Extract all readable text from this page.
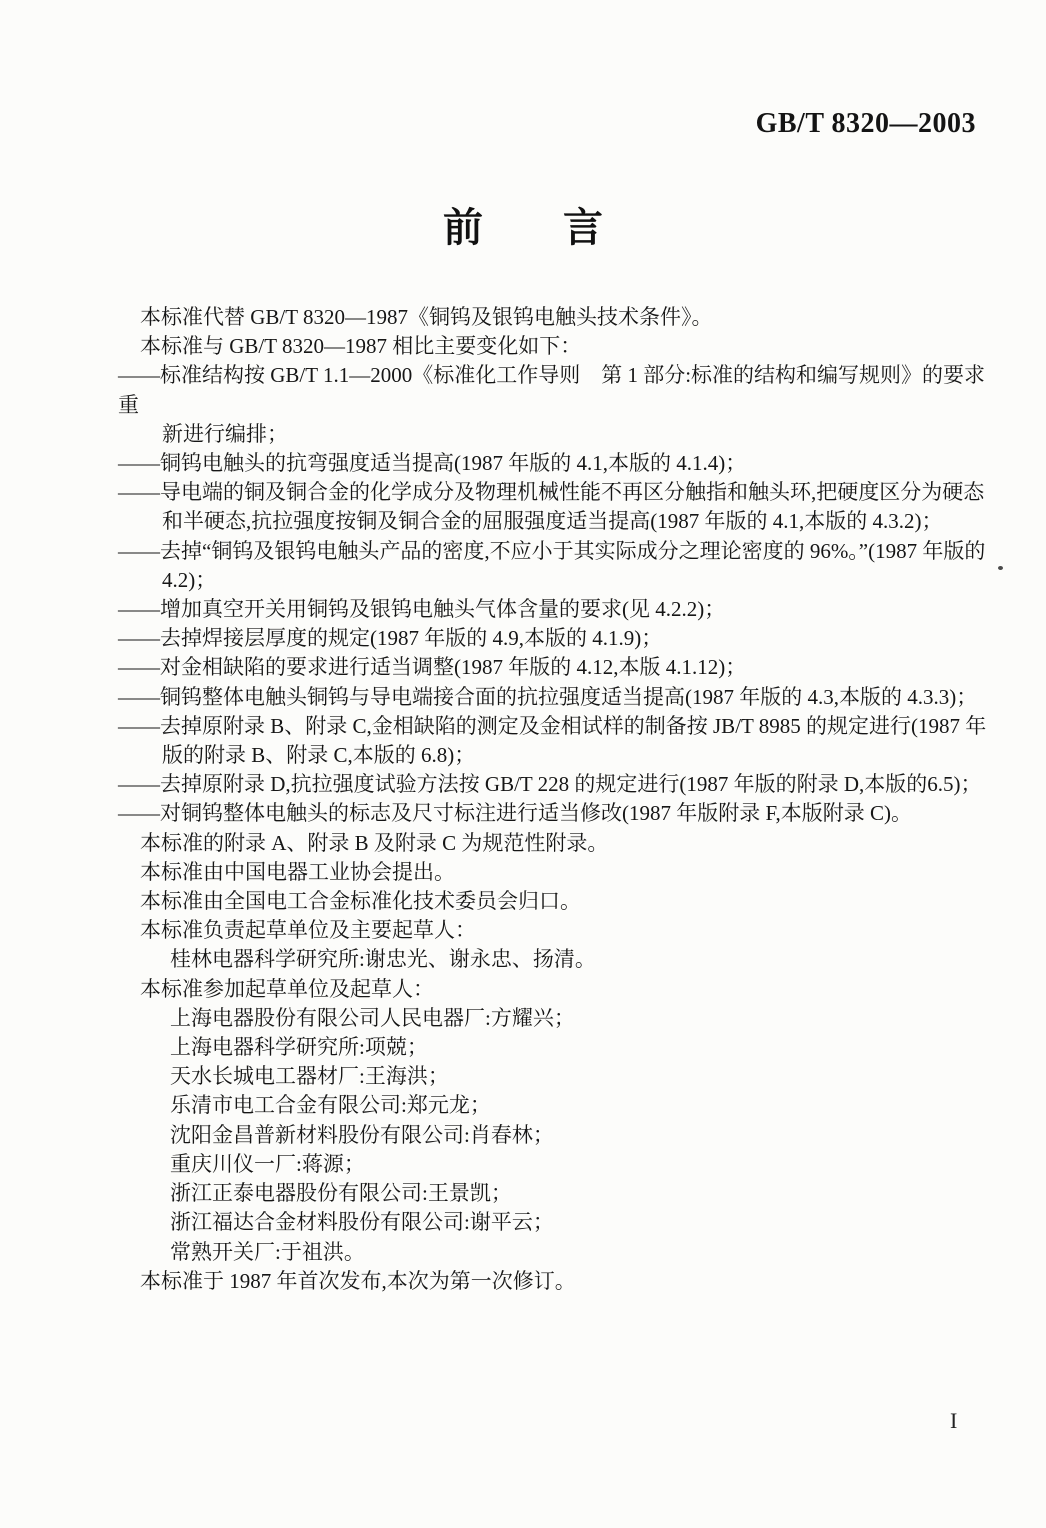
GB/T 8320—2003
前　　言
本标准代替 GB/T 8320—1987《铜钨及银钨电触头技术条件》。
本标准与 GB/T 8320—1987 相比主要变化如下：
——标准结构按 GB/T 1.1—2000《标准化工作导则　第 1 部分:标准的结构和编写规则》的要求重
新进行编排；
——铜钨电触头的抗弯强度适当提高(1987 年版的 4.1,本版的 4.1.4)；
——导电端的铜及铜合金的化学成分及物理机械性能不再区分触指和触头环,把硬度区分为硬态
和半硬态,抗拉强度按铜及铜合金的屈服强度适当提高(1987 年版的 4.1,本版的 4.3.2)；
——去掉“铜钨及银钨电触头产品的密度,不应小于其实际成分之理论密度的 96%。”(1987 年版的
4.2)；
——增加真空开关用铜钨及银钨电触头气体含量的要求(见 4.2.2)；
——去掉焊接层厚度的规定(1987 年版的 4.9,本版的 4.1.9)；
——对金相缺陷的要求进行适当调整(1987 年版的 4.12,本版 4.1.12)；
——铜钨整体电触头铜钨与导电端接合面的抗拉强度适当提高(1987 年版的 4.3,本版的 4.3.3)；
——去掉原附录 B、附录 C,金相缺陷的测定及金相试样的制备按 JB/T 8985 的规定进行(1987 年
版的附录 B、附录 C,本版的 6.8)；
——去掉原附录 D,抗拉强度试验方法按 GB/T 228 的规定进行(1987 年版的附录 D,本版的6.5)；
——对铜钨整体电触头的标志及尺寸标注进行适当修改(1987 年版附录 F,本版附录 C)。
本标准的附录 A、附录 B 及附录 C 为规范性附录。
本标准由中国电器工业协会提出。
本标准由全国电工合金标准化技术委员会归口。
本标准负责起草单位及主要起草人：
桂林电器科学研究所:谢忠光、谢永忠、扬清。
本标准参加起草单位及起草人：
上海电器股份有限公司人民电器厂:方耀兴；
上海电器科学研究所:项兢；
天水长城电工器材厂:王海洪；
乐清市电工合金有限公司:郑元龙；
沈阳金昌普新材料股份有限公司:肖春林；
重庆川仪一厂:蒋源；
浙江正泰电器股份有限公司:王景凯；
浙江福达合金材料股份有限公司:谢平云；
常熟开关厂:于祖洪。
本标准于 1987 年首次发布,本次为第一次修订。
I
